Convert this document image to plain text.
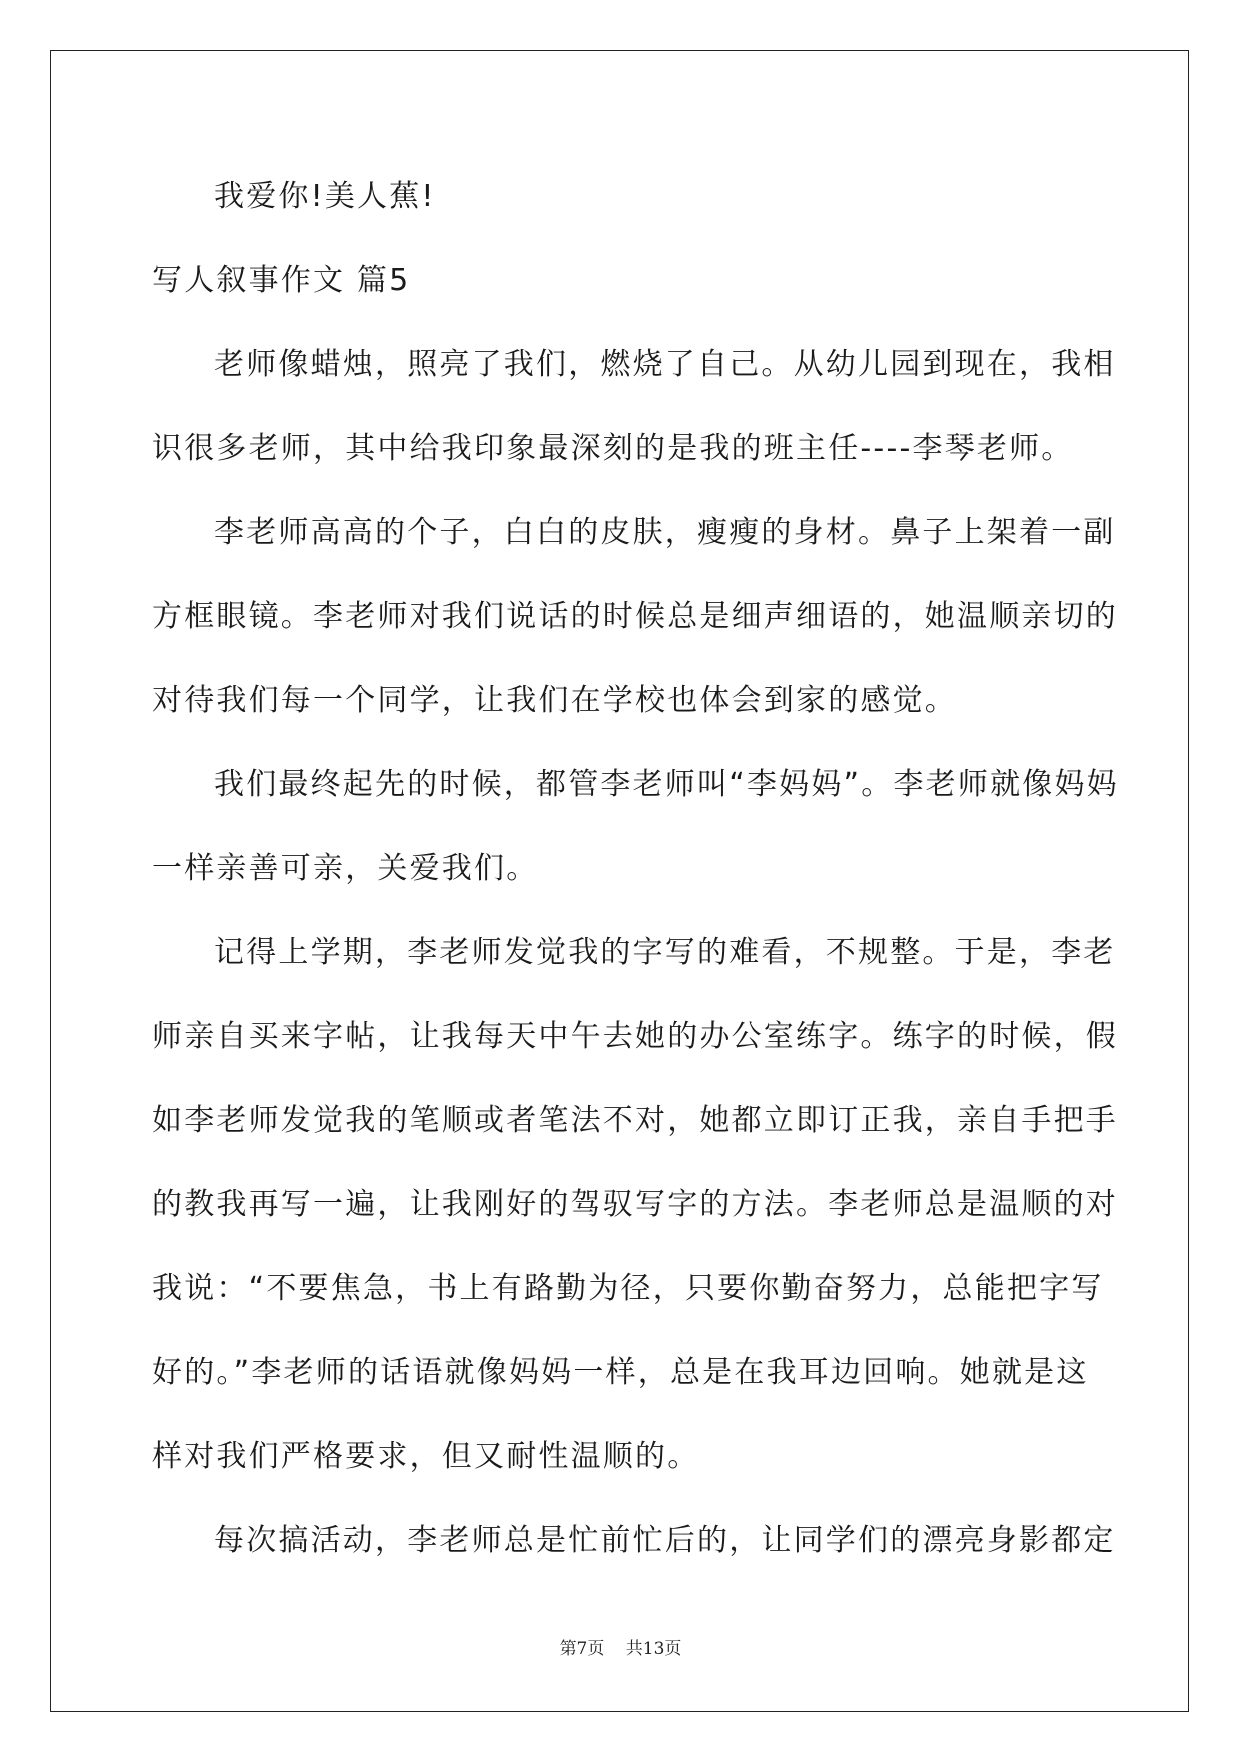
我爱你!美人蕉!
写人叙事作文 篇5
老师像蜡烛，照亮了我们，燃烧了自己。从幼儿园到现在，我相
识很多老师，其中给我印象最深刻的是我的班主任----李琴老师。
李老师高高的个子，白白的皮肤，瘦瘦的身材。鼻子上架着一副
方框眼镜。李老师对我们说话的时候总是细声细语的，她温顺亲切的
对待我们每一个同学，让我们在学校也体会到家的感觉。
我们最终起先的时候，都管李老师叫“李妈妈”。李老师就像妈妈
一样亲善可亲，关爱我们。
记得上学期，李老师发觉我的字写的难看，不规整。于是，李老
师亲自买来字帖，让我每天中午去她的办公室练字。练字的时候，假
如李老师发觉我的笔顺或者笔法不对，她都立即订正我，亲自手把手
的教我再写一遍，让我刚好的驾驭写字的方法。李老师总是温顺的对
我说：“不要焦急，书上有路勤为径，只要你勤奋努力，总能把字写
好的。”李老师的话语就像妈妈一样，总是在我耳边回响。她就是这
样对我们严格要求，但又耐性温顺的。
每次搞活动，李老师总是忙前忙后的，让同学们的漂亮身影都定
第7页 共13页
